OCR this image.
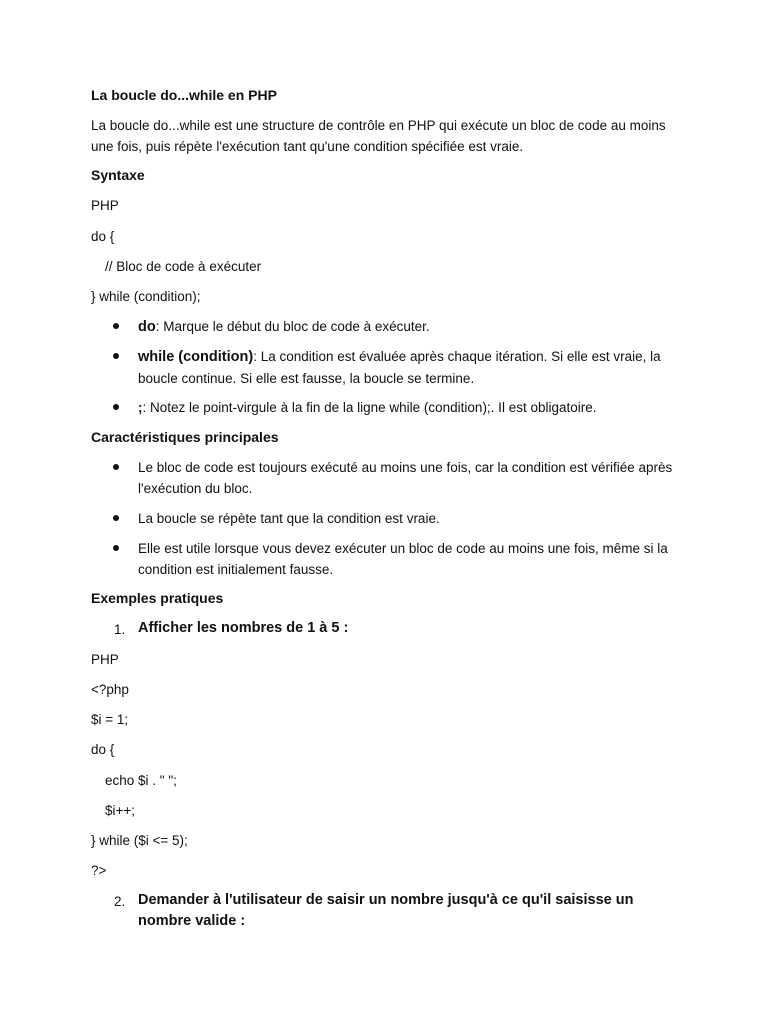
La boucle do...while en PHP
La boucle do...while est une structure de contrôle en PHP qui exécute un bloc de code au moins une fois, puis répète l'exécution tant qu'une condition spécifiée est vraie.
Syntaxe
PHP
do {
// Bloc de code à exécuter
} while (condition);
do: Marque le début du bloc de code à exécuter.
while (condition): La condition est évaluée après chaque itération. Si elle est vraie, la boucle continue. Si elle est fausse, la boucle se termine.
;: Notez le point-virgule à la fin de la ligne while (condition);. Il est obligatoire.
Caractéristiques principales
Le bloc de code est toujours exécuté au moins une fois, car la condition est vérifiée après l'exécution du bloc.
La boucle se répète tant que la condition est vraie.
Elle est utile lorsque vous devez exécuter un bloc de code au moins une fois, même si la condition est initialement fausse.
Exemples pratiques
1. Afficher les nombres de 1 à 5 :
PHP
<?php
$i = 1;
do {
echo $i . " ";
$i++;
} while ($i <= 5);
?>
2. Demander à l'utilisateur de saisir un nombre jusqu'à ce qu'il saisisse un nombre valide :
